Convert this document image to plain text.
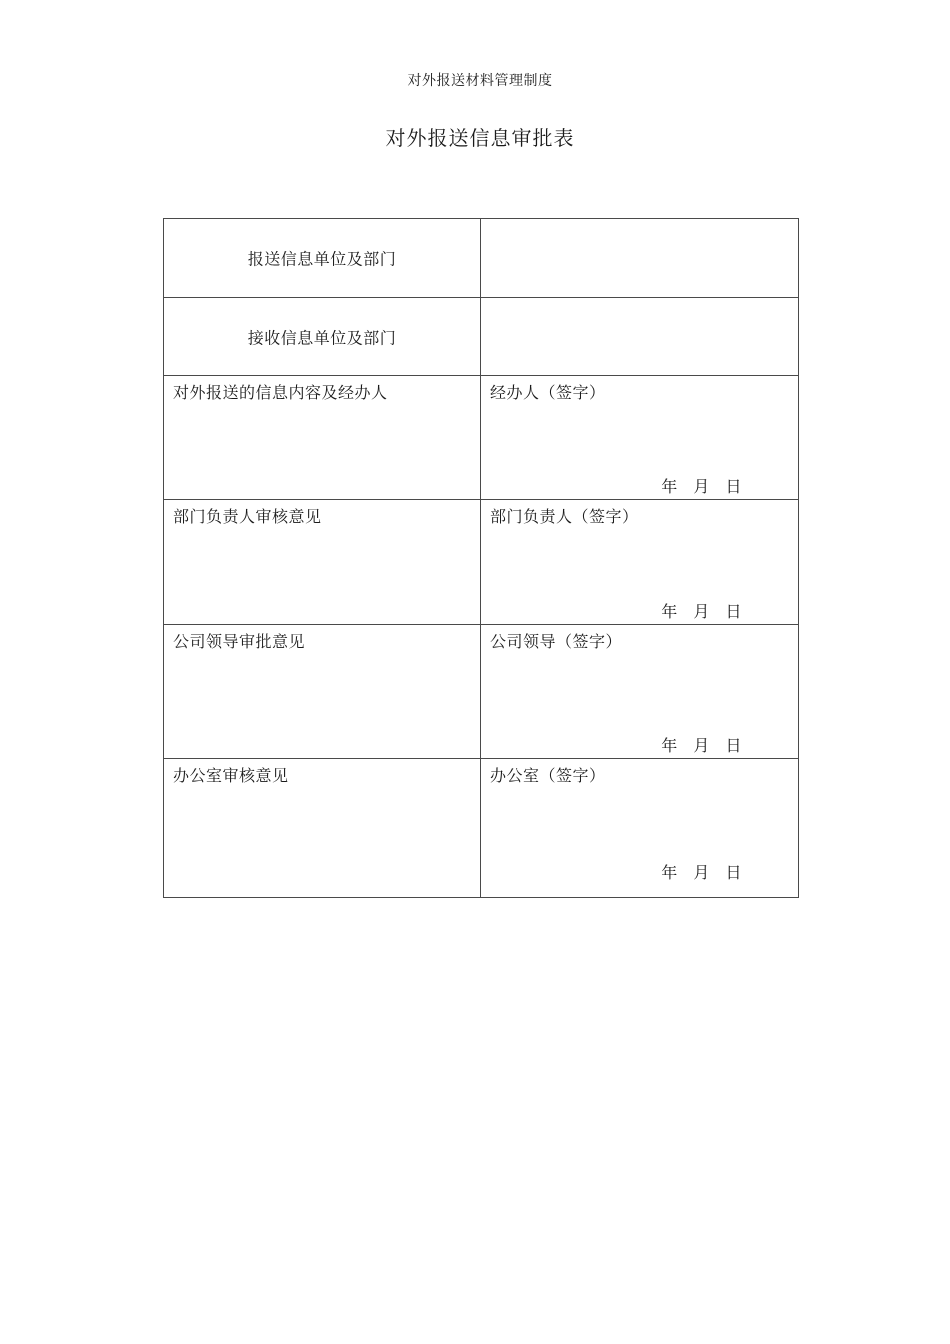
对外报送材料管理制度
对外报送信息审批表
报送信息单位及部门	

接收信息单位及部门	

对外报送的信息内容及经办人	经办人（签字）
年 月 日

部门负责人审核意见	部门负责人（签字）
年 月 日

公司领导审批意见	公司领导（签字）
年 月 日

办公室审核意见	办公室（签字）
年 月 日
